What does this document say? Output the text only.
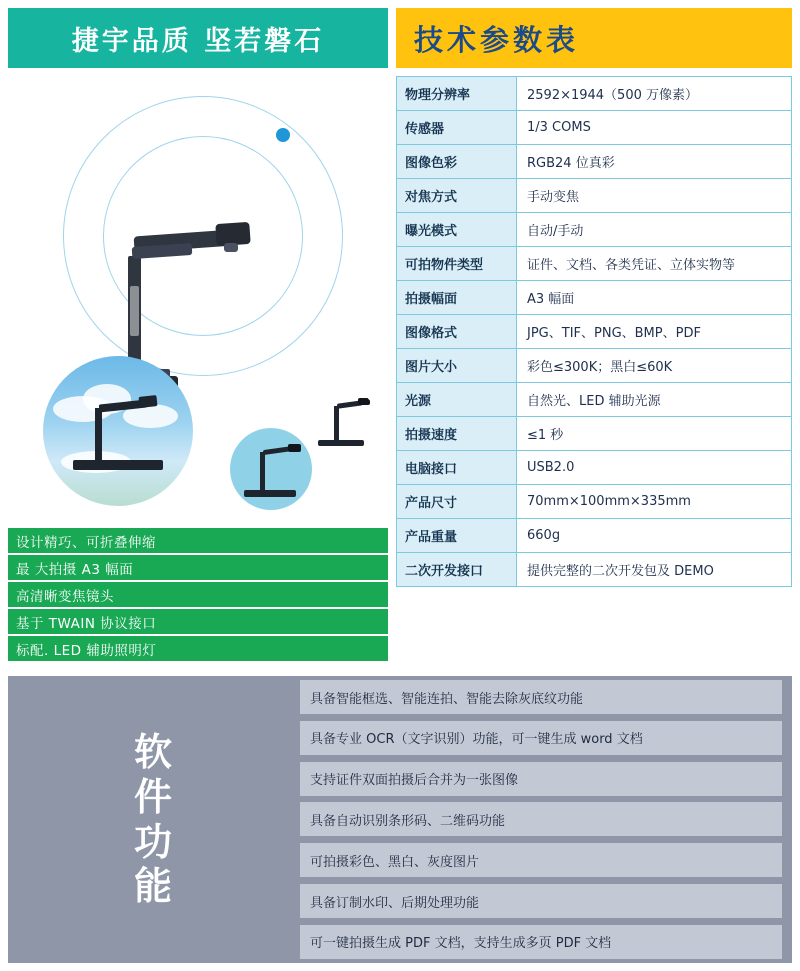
捷宇品质 坚若磐石	技术参数表
设计精巧、可折叠伸缩
最 大拍摄 A3 幅面
高清晰变焦镜头
基于 TWAIN 协议接口
标配. LED 辅助照明灯
物理分辨率	2592×1944（500 万像素）
传感器	1/3 COMS
图像色彩	RGB24 位真彩
对焦方式	手动变焦
曝光模式	自动/手动
可拍物件类型	证件、文档、各类凭证、立体实物等
拍摄幅面	A3 幅面
图像格式	JPG、TIF、PNG、BMP、PDF
图片大小	彩色≤300K；黑白≤60K
光源	自然光、LED 辅助光源
拍摄速度	≤1 秒
电脑接口	USB2.0
产品尺寸	70mm×100mm×335mm
产品重量	660g
二次开发接口	提供完整的二次开发包及 DEMO
软
件
功
能
具备智能框选、智能连拍、智能去除灰底纹功能
具备专业 OCR（文字识别）功能，可一键生成 word 文档
支持证件双面拍摄后合并为一张图像
具备自动识别条形码、二维码功能
可拍摄彩色、黑白、灰度图片
具备订制水印、后期处理功能
可一键拍摄生成 PDF 文档，支持生成多页 PDF 文档
